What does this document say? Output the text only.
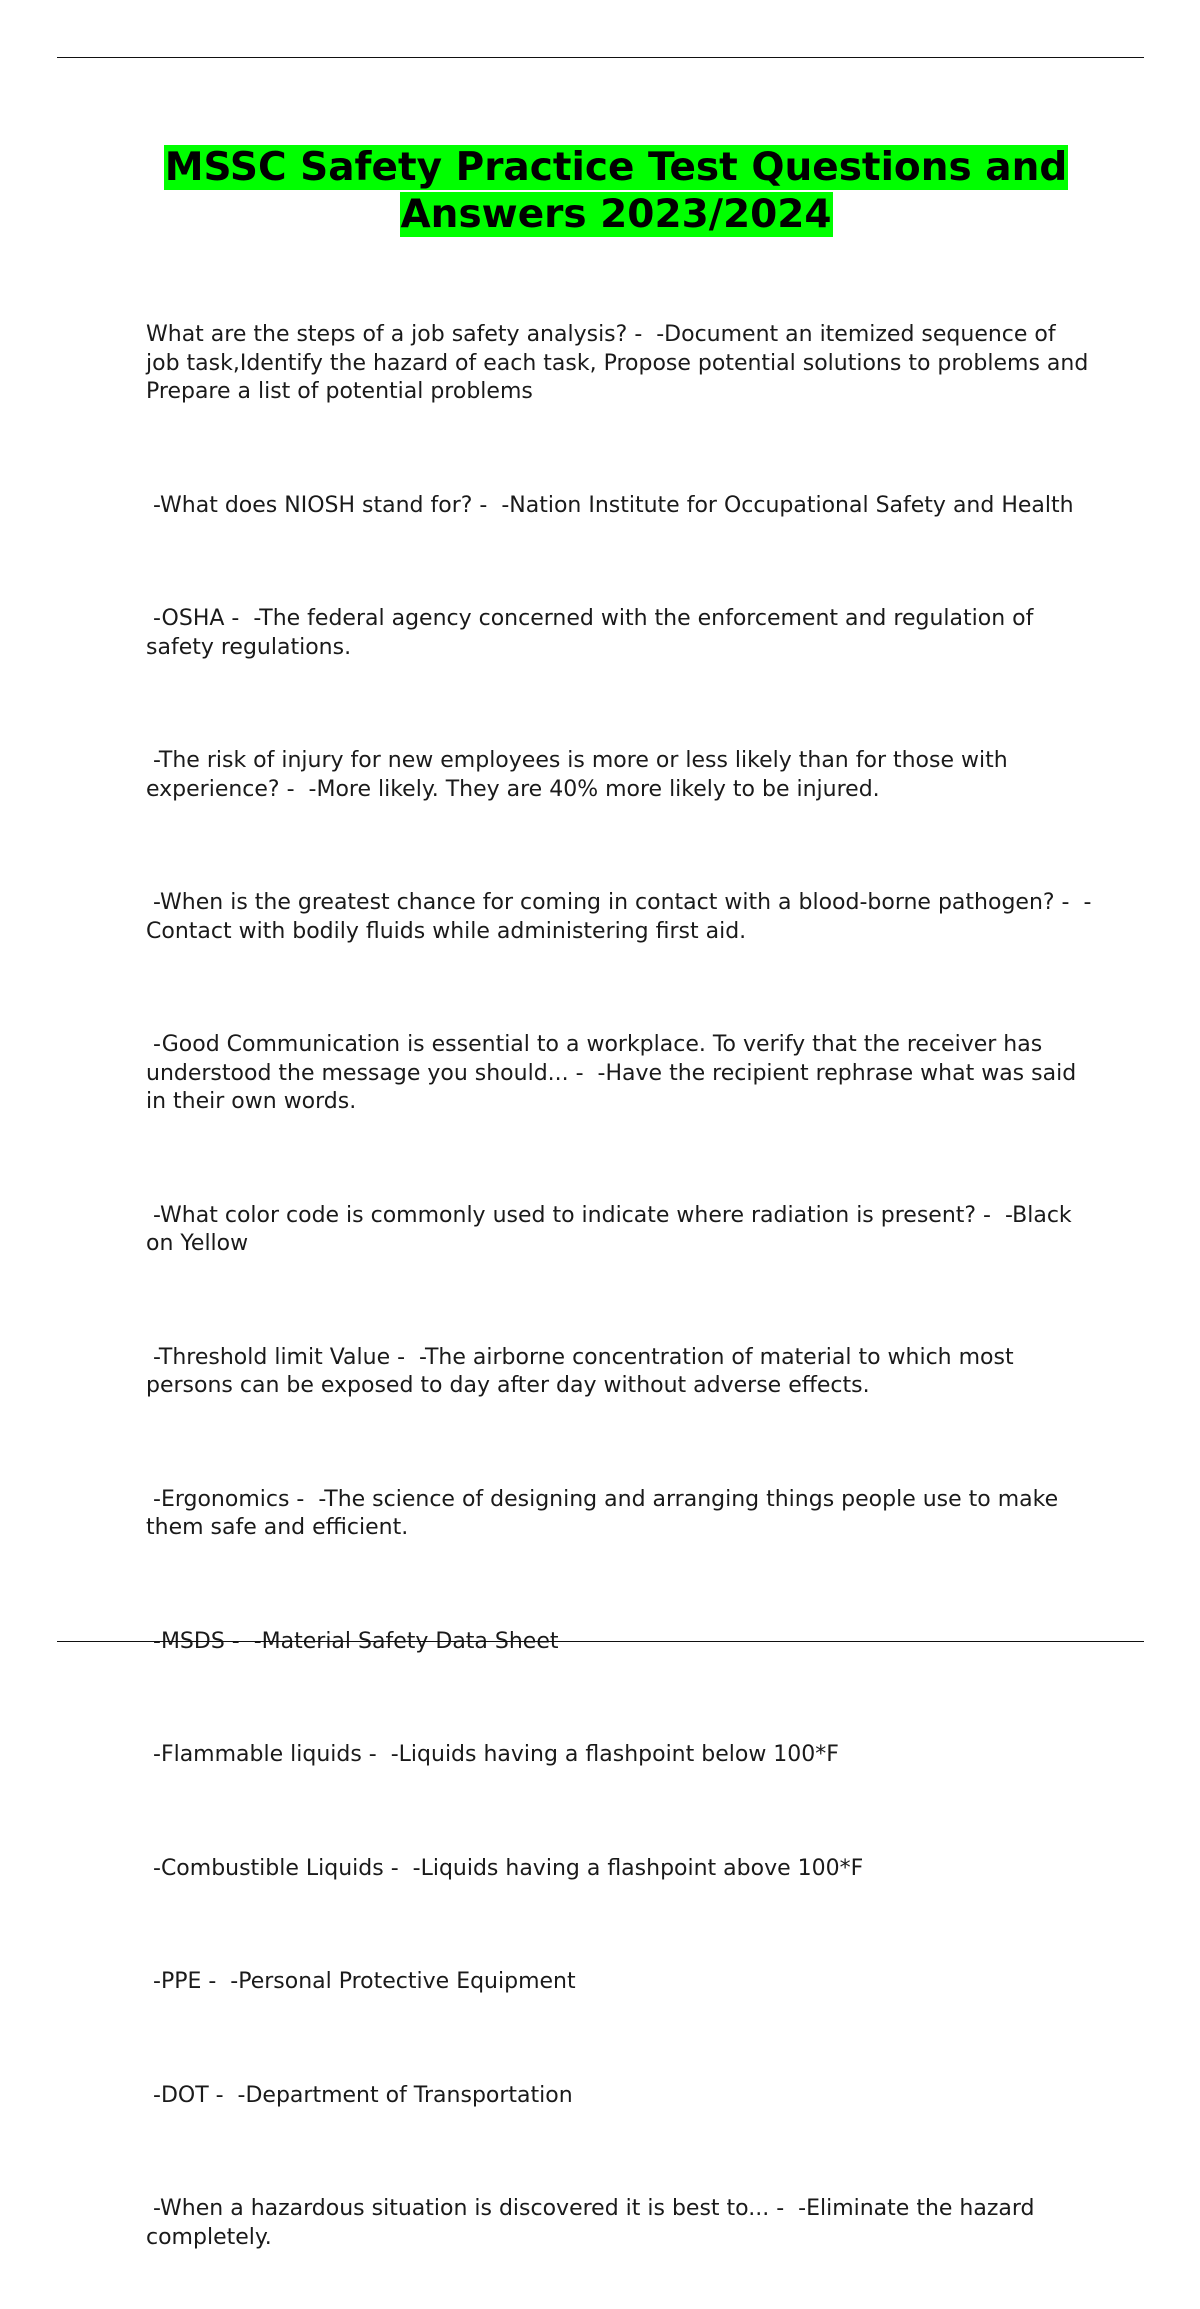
MSSC Safety Practice Test Questions and Answers 2023/2024

What are the steps of a job safety analysis? -  -Document an itemized sequence of job task,Identify the hazard of each task, Propose potential solutions to problems and Prepare a list of potential problems

-What does NIOSH stand for? -  -Nation Institute for Occupational Safety and Health

-OSHA -  -The federal agency concerned with the enforcement and regulation of safety regulations.

-The risk of injury for new employees is more or less likely than for those with experience? -  -More likely. They are 40% more likely to be injured.

-When is the greatest chance for coming in contact with a blood-borne pathogen? -  -Contact with bodily fluids while administering first aid.

-Good Communication is essential to a workplace. To verify that the receiver has understood the message you should... -  -Have the recipient rephrase what was said in their own words.

-What color code is commonly used to indicate where radiation is present? -  -Black on Yellow

-Threshold limit Value -  -The airborne concentration of material to which most persons can be exposed to day after day without adverse effects.

-Ergonomics -  -The science of designing and arranging things people use to make them safe and efficient.

-MSDS -  -Material Safety Data Sheet

-Flammable liquids -  -Liquids having a flashpoint below 100*F

-Combustible Liquids -  -Liquids having a flashpoint above 100*F

-PPE -  -Personal Protective Equipment

-DOT -  -Department of Transportation

-When a hazardous situation is discovered it is best to... -  -Eliminate the hazard completely.
